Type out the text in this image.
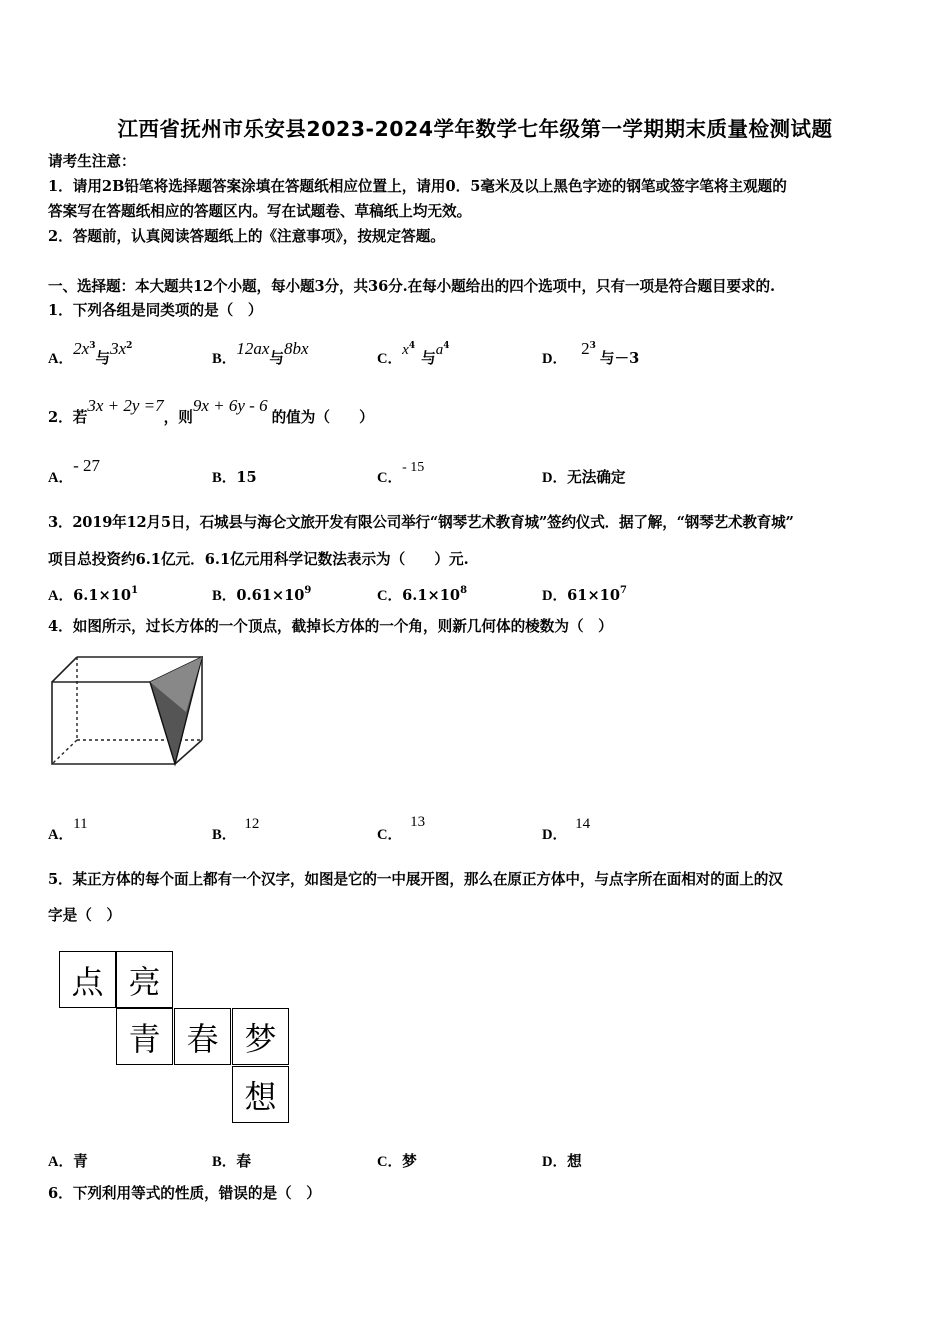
江西省抚州市乐安县2023-2024学年数学七年级第一学期期末质量检测试题
请考生注意：
1．请用2B铅笔将选择题答案涂填在答题纸相应位置上，请用0．5毫米及以上黑色字迹的钢笔或签字笔将主观题的
答案写在答题纸相应的答题区内。写在试题卷、草稿纸上均无效。
2．答题前，认真阅读答题纸上的《注意事项》，按规定答题。
一、选择题：本大题共12个小题，每小题3分，共36分.在每小题给出的四个选项中，只有一项是符合题目要求的.
1．下列各组是同类项的是（　）
A．$2x^3$与$3x^2$
B．12ax与8bx
C．$x^4$与$a^4$
D．$2^3$与－3
2．若3x + 2y =7，则9x + 6y - 6的值为（　　）
A．- 27
B．15	C．- 15
D．无法确定
3．2019年12月5日，石城县与海仑文旅开发有限公司举行“钢琴艺术教育城”签约仪式．据了解，“钢琴艺术教育城”
项目总投资约6.1亿元．6.1亿元用科学记数法表示为（　　）元.
A．$6.1\times 10^1$	B．$0.61\times 10^9$	C．$6.1\times 10^8$	D．$61\times 10^7$
4．如图所示，过长方体的一个顶点，截掉长方体的一个角，则新几何体的棱数为（　）
A．11
B．12
C．13
D．14
5．某正方体的每个面上都有一个汉字，如图是它的一中展开图，那么在原正方体中，与点字所在面相对的面上的汉
字是（　）
点 亮
青 春 梦
想
A．青	B．春	C．梦	D．想
6．下列利用等式的性质，错误的是（　）
